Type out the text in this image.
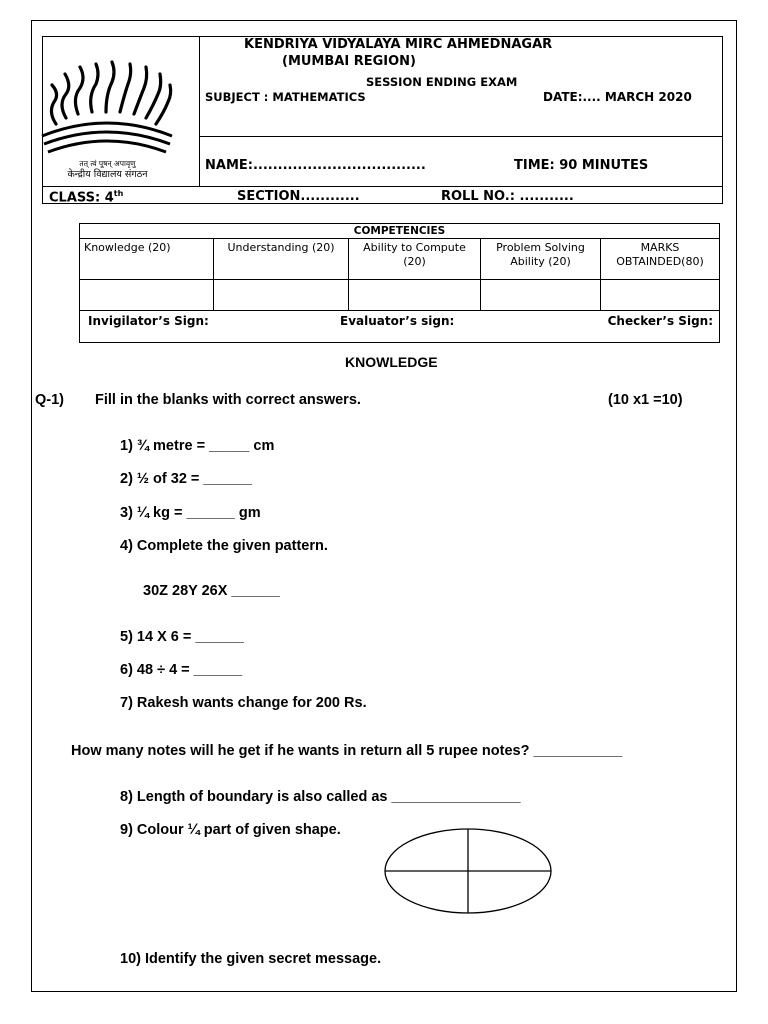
तत् त्वं पूषन् अपावृणु
केन्द्रीय विद्यालय संगठन
KENDRIYA VIDYALAYA MIRC AHMEDNAGAR
(MUMBAI REGION)
SESSION ENDING EXAM
SUBJECT : MATHEMATICS	DATE:.... MARCH 2020
NAME:...................................	TIME: 90 MINUTES
CLASS: 4th	SECTION............	ROLL NO.: ...........
COMPETENCIES				

Knowledge (20)	Understanding (20)	Ability to Compute (20)	Problem Solving Ability (20)	MARKS OBTAINDED(80)

Invigilator’s Sign: Evaluator’s sign: Checker’s Sign:				
KNOWLEDGE
Q-1) Fill in the blanks with correct answers.	(10 x1 =10)
1) ¾ metre = _____ cm
2) ½ of 32 = ______
3) ¼ kg = ______ gm
4) Complete the given pattern.
30Z 28Y 26X ______
5) 14 X 6 = ______
6) 48 ÷ 4 = ______
7) Rakesh wants change for 200 Rs.
How many notes will he get if he wants in return all 5 rupee notes? ___________
8) Length of boundary is also called as ________________
9) Colour ¼ part of given shape.
10) Identify the given secret message.
